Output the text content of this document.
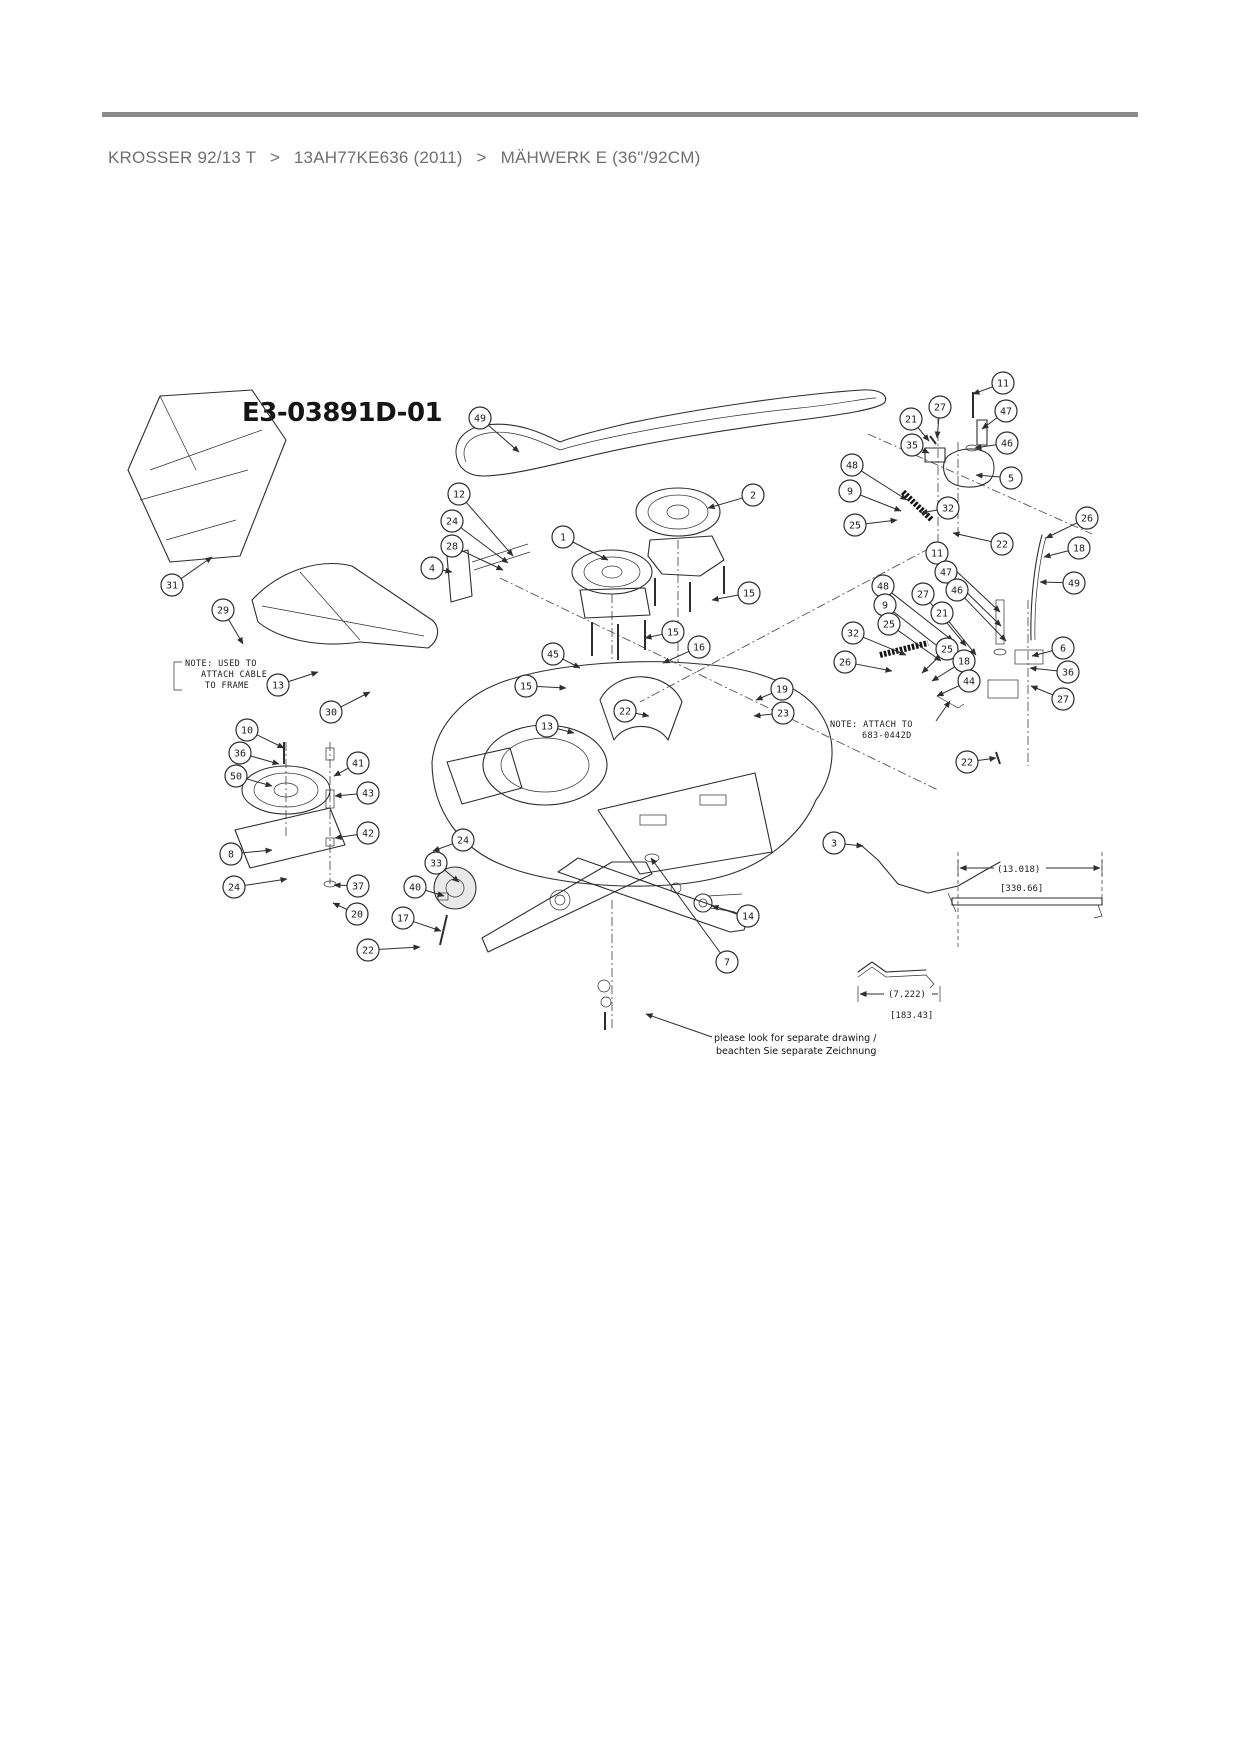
KROSSER 92/13 T > 13AH77KE636 (2011) > MÄHWERK E (36"/92CM)
E3-03891D-01	49
12
24
28
4
1
2
15
15
16
45
15
22
19
23
13
31
29
13
30
10
36
50
41
43
42
8
24	37
20
24
33
40
17
22
3
14
7
11
27
21
35
47
46
5
48
9
25
32
22
26
18
49
6
36
27
22
11
47
48	46
27
9
21
25
32
26
25
18
44
NOTE: USED TO
ATTACH CABLE
TO FRAME
NOTE: ATTACH TO
683-0442D
please look for separate drawing /
beachten Sie separate Zeichnung
(13.018)
[330.66]
(7.222)
[183.43]
